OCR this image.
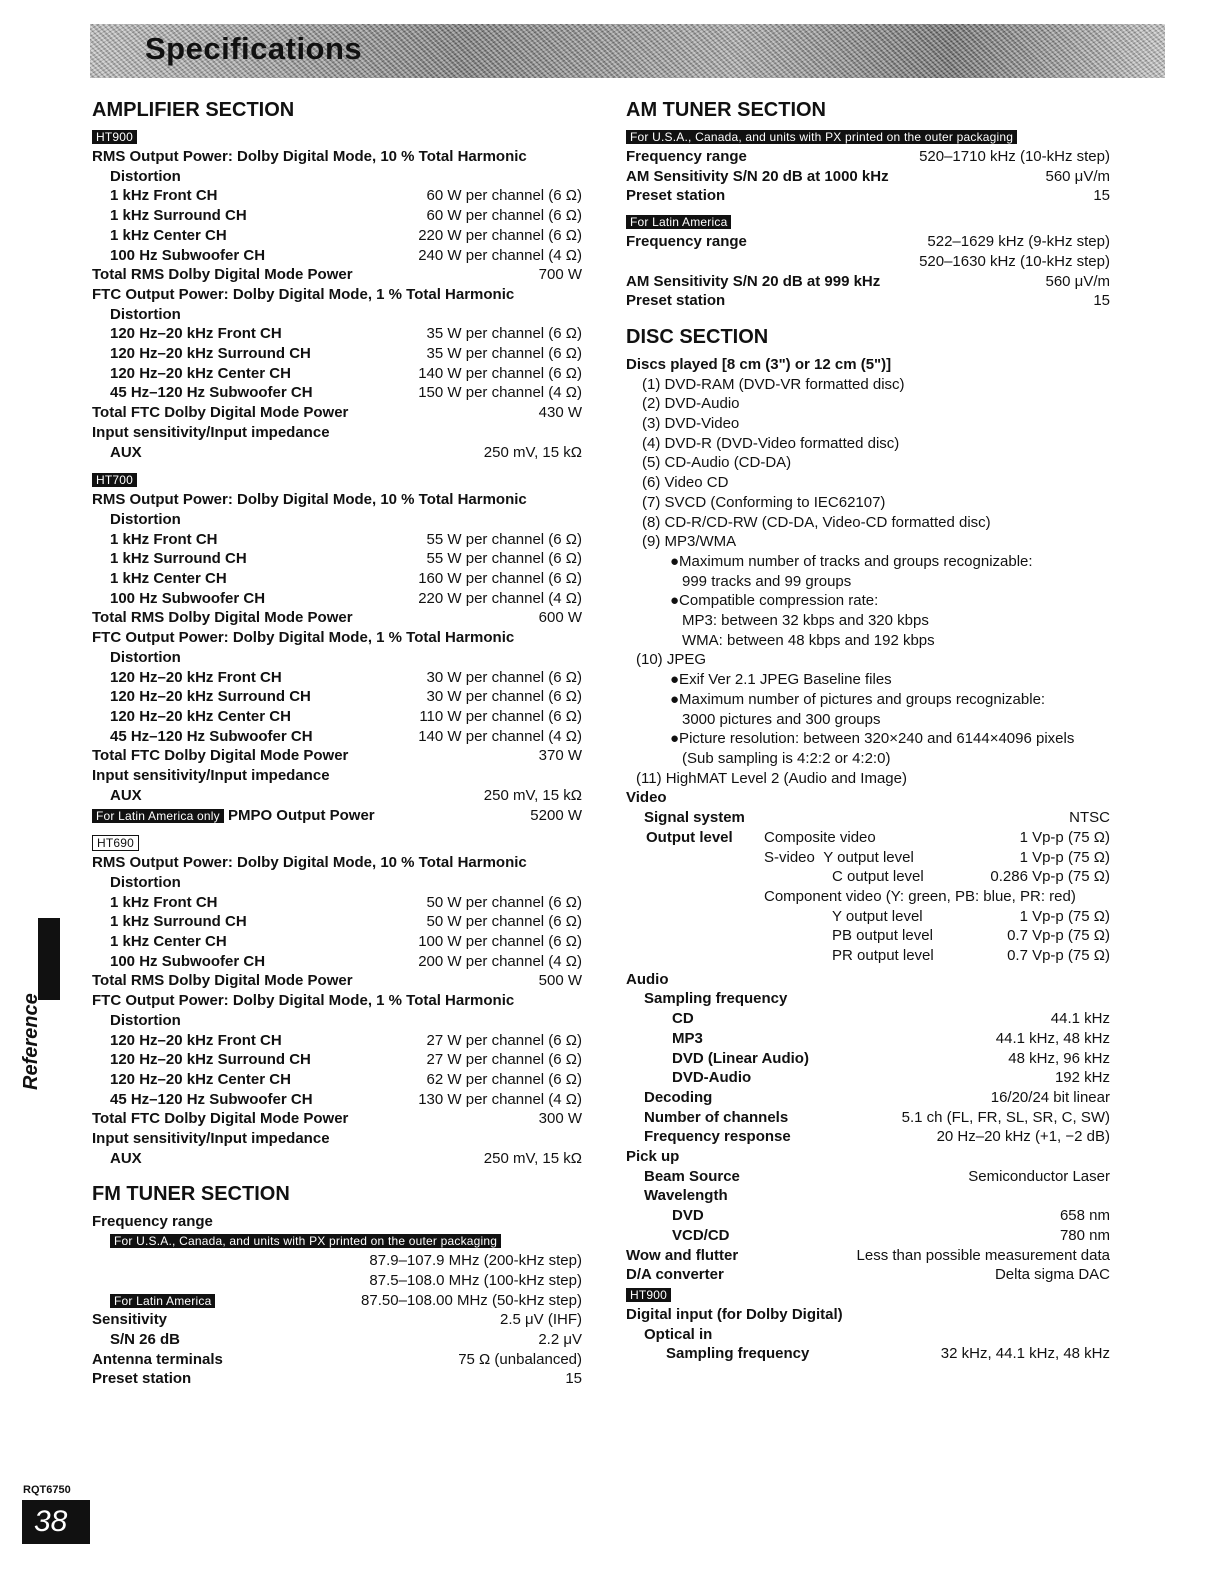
Specifications
AMPLIFIER SECTION
HT900
RMS Output Power: Dolby Digital Mode, 10 % Total Harmonic
Distortion
1 kHz Front CH	60 W per channel (6 Ω)
1 kHz Surround CH	60 W per channel (6 Ω)
1 kHz Center CH	220 W per channel (6 Ω)
100 Hz Subwoofer CH	240 W per channel (4 Ω)
Total RMS Dolby Digital Mode Power	700 W
FTC Output Power: Dolby Digital Mode, 1 % Total Harmonic
Distortion
120 Hz–20 kHz Front CH	35 W per channel (6 Ω)
120 Hz–20 kHz Surround CH	35 W per channel (6 Ω)
120 Hz–20 kHz Center CH	140 W per channel (6 Ω)
45 Hz–120 Hz Subwoofer CH	150 W per channel (4 Ω)
Total FTC Dolby Digital Mode Power	430 W
Input sensitivity/Input impedance
AUX	250 mV, 15 kΩ
HT700
RMS Output Power: Dolby Digital Mode, 10 % Total Harmonic
Distortion
1 kHz Front CH	55 W per channel (6 Ω)
1 kHz Surround CH	55 W per channel (6 Ω)
1 kHz Center CH	160 W per channel (6 Ω)
100 Hz Subwoofer CH	220 W per channel (4 Ω)
Total RMS Dolby Digital Mode Power	600 W
FTC Output Power: Dolby Digital Mode, 1 % Total Harmonic
Distortion
120 Hz–20 kHz Front CH	30 W per channel (6 Ω)
120 Hz–20 kHz Surround CH	30 W per channel (6 Ω)
120 Hz–20 kHz Center CH	110 W per channel (6 Ω)
45 Hz–120 Hz Subwoofer CH	140 W per channel (4 Ω)
Total FTC Dolby Digital Mode Power	370 W
Input sensitivity/Input impedance
AUX	250 mV, 15 kΩ
For Latin America only PMPO Output Power	5200 W
HT690
RMS Output Power: Dolby Digital Mode, 10 % Total Harmonic
Distortion
1 kHz Front CH	50 W per channel (6 Ω)
1 kHz Surround CH	50 W per channel (6 Ω)
1 kHz Center CH	100 W per channel (6 Ω)
100 Hz Subwoofer CH	200 W per channel (4 Ω)
Total RMS Dolby Digital Mode Power	500 W
FTC Output Power: Dolby Digital Mode, 1 % Total Harmonic
Distortion
120 Hz–20 kHz Front CH	27 W per channel (6 Ω)
120 Hz–20 kHz Surround CH	27 W per channel (6 Ω)
120 Hz–20 kHz Center CH	62 W per channel (6 Ω)
45 Hz–120 Hz Subwoofer CH	130 W per channel (4 Ω)
Total FTC Dolby Digital Mode Power	300 W
Input sensitivity/Input impedance
AUX	250 mV, 15 kΩ
FM TUNER SECTION
Frequency range
For U.S.A., Canada, and units with PX printed on the outer packaging
87.9–107.9 MHz (200-kHz step)
87.5–108.0 MHz (100-kHz step)
For Latin America	87.50–108.00 MHz (50-kHz step)
Sensitivity	2.5 μV (IHF)
S/N 26 dB	2.2 μV
Antenna terminals	75 Ω (unbalanced)
Preset station	15
AM TUNER SECTION
For U.S.A., Canada, and units with PX printed on the outer packaging
Frequency range	520–1710 kHz (10-kHz step)
AM Sensitivity S/N 20 dB at 1000 kHz	560 μV/m
Preset station	15
For Latin America
Frequency range	522–1629 kHz (9-kHz step)
520–1630 kHz (10-kHz step)
AM Sensitivity S/N 20 dB at 999 kHz	560 μV/m
Preset station	15
DISC SECTION
Discs played [8 cm (3") or 12 cm (5")]
(1) DVD-RAM (DVD-VR formatted disc)
(2) DVD-Audio
(3) DVD-Video
(4) DVD-R (DVD-Video formatted disc)
(5) CD-Audio (CD-DA)
(6) Video CD
(7) SVCD (Conforming to IEC62107)
(8) CD-R/CD-RW (CD-DA, Video-CD formatted disc)
(9) MP3/WMA
●Maximum number of tracks and groups recognizable:
999 tracks and 99 groups
●Compatible compression rate:
MP3: between 32 kbps and 320 kbps
WMA: between 48 kbps and 192 kbps
(10) JPEG
●Exif Ver 2.1 JPEG Baseline files
●Maximum number of pictures and groups recognizable:
3000 pictures and 300 groups
●Picture resolution: between 320×240 and 6144×4096 pixels
(Sub sampling is 4:2:2 or 4:2:0)
(11) HighMAT Level 2 (Audio and Image)
Video
Signal system	NTSC
Output level	Composite video	1 Vp-p (75 Ω)
S-video Y output level	1 Vp-p (75 Ω)
C output level	0.286 Vp-p (75 Ω)
Component video (Y: green, PB: blue, PR: red)
Y output level	1 Vp-p (75 Ω)
PB output level	0.7 Vp-p (75 Ω)
PR output level	0.7 Vp-p (75 Ω)
Audio
Sampling frequency
CD	44.1 kHz
MP3	44.1 kHz, 48 kHz
DVD (Linear Audio)	48 kHz, 96 kHz
DVD-Audio	192 kHz
Decoding	16/20/24 bit linear
Number of channels	5.1 ch (FL, FR, SL, SR, C, SW)
Frequency response	20 Hz–20 kHz (+1, −2 dB)
Pick up
Beam Source	Semiconductor Laser
Wavelength
DVD	658 nm
VCD/CD	780 nm
Wow and flutter	Less than possible measurement data
D/A converter	Delta sigma DAC
HT900
Digital input (for Dolby Digital)
Optical in
Sampling frequency	32 kHz, 44.1 kHz, 48 kHz
Reference
RQT6750
38
